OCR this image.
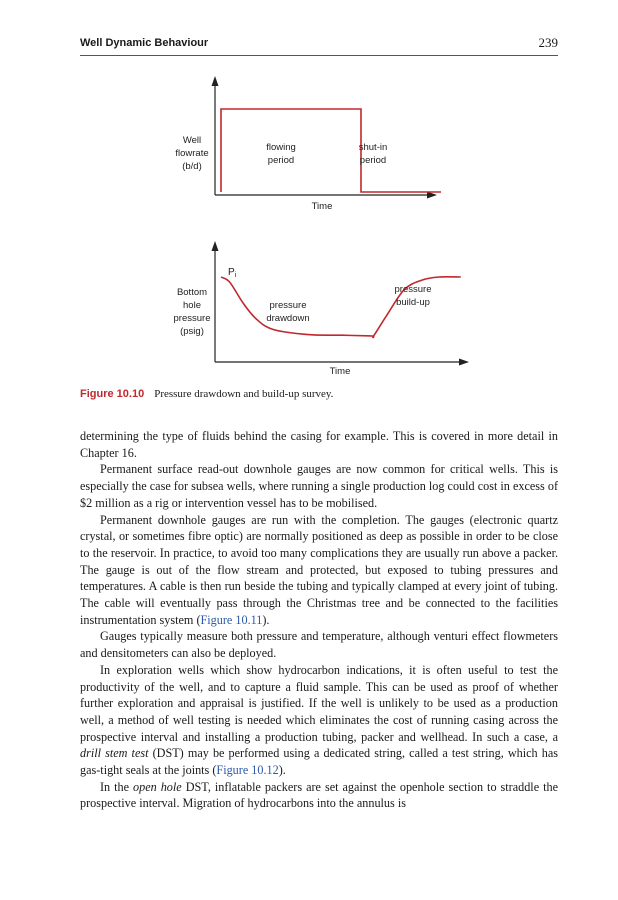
Well Dynamic Behaviour	239
Well flowrate (b/d)
flowing period
shut-in period
Time
$P_i$
Bottom hole pressure (psig)
pressure drawdown
pressure build-up
Time
Figure 10.10 Pressure drawdown and build-up survey.

determining the type of fluids behind the casing for example. This is covered in more detail in Chapter 16.

Permanent surface read-out downhole gauges are now common for critical wells. This is especially the case for subsea wells, where running a single production log could cost in excess of $2 million as a rig or intervention vessel has to be mobilised.

Permanent downhole gauges are run with the completion. The gauges (electronic quartz crystal, or sometimes fibre optic) are normally positioned as deep as possible in order to be close to the reservoir. In practice, to avoid too many complications they are usually run above a packer. The gauge is out of the flow stream and protected, but exposed to tubing pressures and temperatures. A cable is then run beside the tubing and typically clamped at every joint of tubing. The cable will eventually pass through the Christmas tree and be connected to the facilities instrumentation system (Figure 10.11).

Gauges typically measure both pressure and temperature, although venturi effect flowmeters and densitometers can also be deployed.

In exploration wells which show hydrocarbon indications, it is often useful to test the productivity of the well, and to capture a fluid sample. This can be used as proof of whether further exploration and appraisal is justified. If the well is unlikely to be used as a production well, a method of well testing is needed which eliminates the cost of running casing across the prospective interval and installing a production tubing, packer and wellhead. In such a case, a drill stem test (DST) may be performed using a dedicated string, called a test string, which has gas-tight seals at the joints (Figure 10.12).

In the open hole DST, inflatable packers are set against the openhole section to straddle the prospective interval. Migration of hydrocarbons into the annulus is
